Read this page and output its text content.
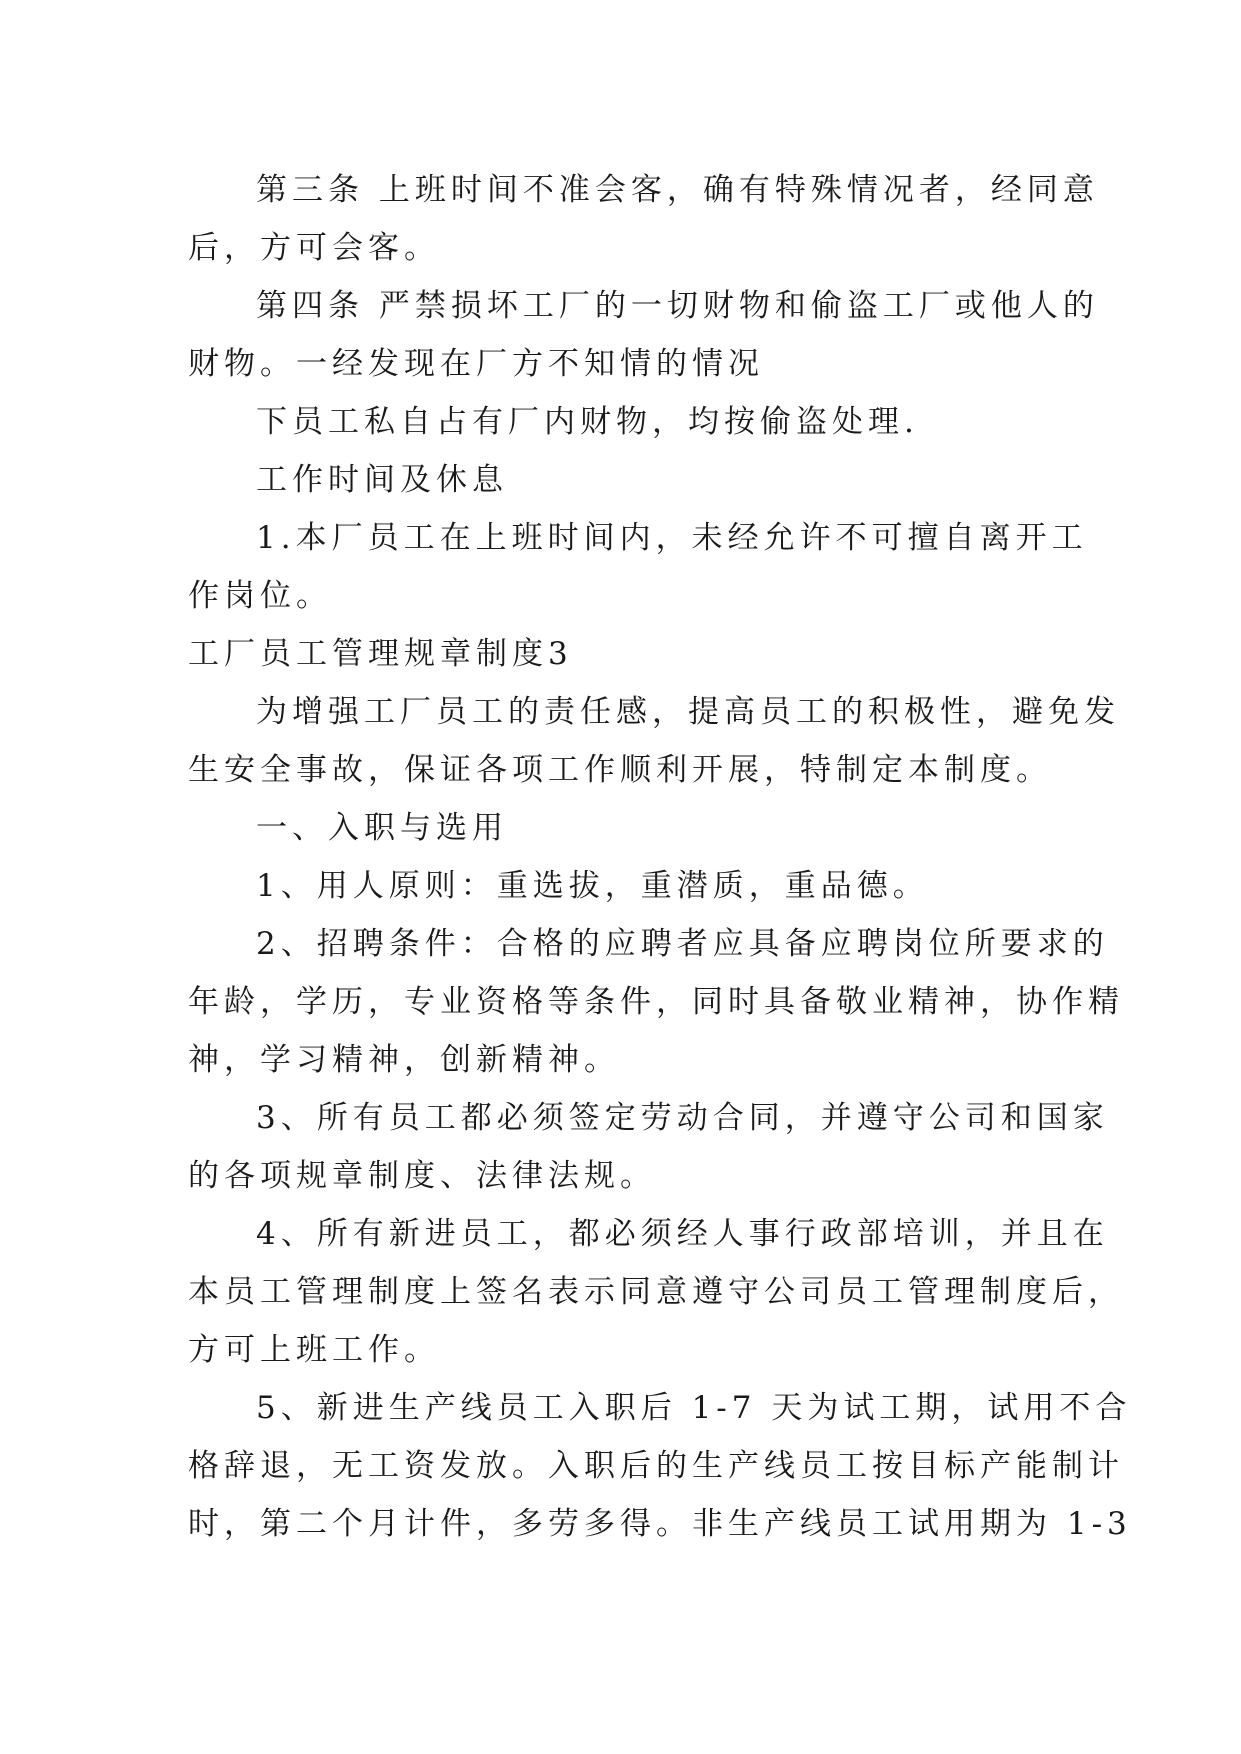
第三条 上班时间不准会客，确有特殊情况者，经同意
后，方可会客。
第四条 严禁损坏工厂的一切财物和偷盗工厂或他人的
财物。一经发现在厂方不知情的情况
下员工私自占有厂内财物，均按偷盗处理.
工作时间及休息
1.本厂员工在上班时间内，未经允许不可擅自离开工
作岗位。
工厂员工管理规章制度3
为增强工厂员工的责任感，提高员工的积极性，避免发
生安全事故，保证各项工作顺利开展，特制定本制度。
一、入职与选用
1、用人原则：重选拔，重潜质，重品德。
2、招聘条件：合格的应聘者应具备应聘岗位所要求的
年龄，学历，专业资格等条件，同时具备敬业精神，协作精
神，学习精神，创新精神。
3、所有员工都必须签定劳动合同，并遵守公司和国家
的各项规章制度、法律法规。
4、所有新进员工，都必须经人事行政部培训，并且在
本员工管理制度上签名表示同意遵守公司员工管理制度后，
方可上班工作。
5、新进生产线员工入职后 1-7 天为试工期，试用不合
格辞退，无工资发放。入职后的生产线员工按目标产能制计
时，第二个月计件，多劳多得。非生产线员工试用期为 1-3
